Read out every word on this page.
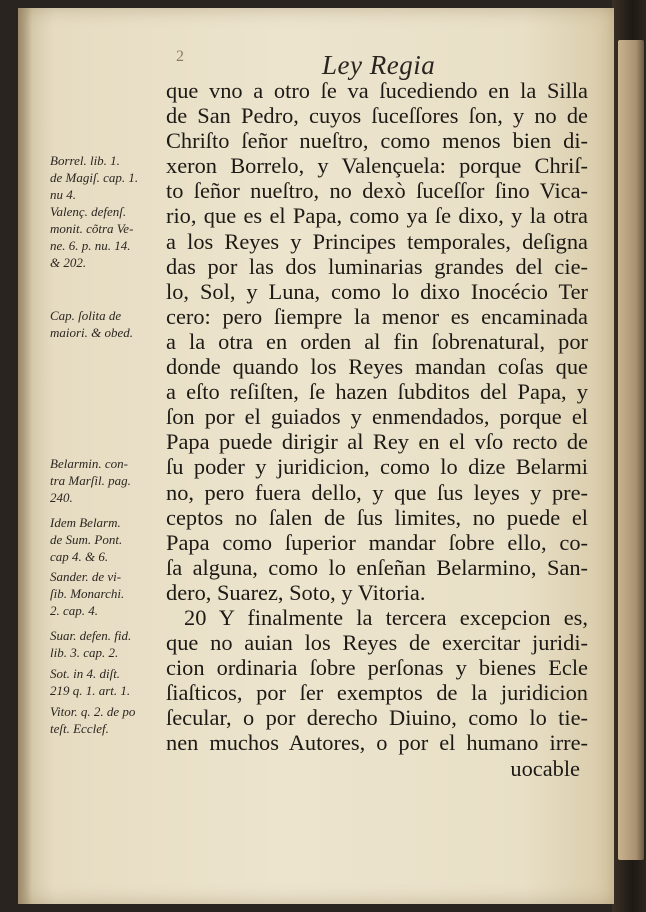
2	Ley Regia
que vno a otro ſe va ſucediendo en la Silla
de San Pedro, cuyos ſuceſſores ſon, y no de
Chriſto ſeñor nueſtro, como menos bien di-
xeron Borrelo, y Valençuela: porque Chriſ-
to ſeñor nueſtro, no dexò ſuceſſor ſino Vica-
rio, que es el Papa, como ya ſe dixo, y la otra
a los Reyes y Principes temporales, deſigna
das por las dos luminarias grandes del cie-
lo, Sol, y Luna, como lo dixo Inocécio Ter
cero: pero ſiempre la menor es encaminada
a la otra en orden al fin ſobrenatural, por
donde quando los Reyes mandan coſas que
a eſto reſiſten, ſe hazen ſubditos del Papa, y
ſon por el guiados y enmendados, porque el
Papa puede dirigir al Rey en el vſo recto de
ſu poder y juridicion, como lo dize Belarmi
no, pero fuera dello, y que ſus leyes y pre-
ceptos no ſalen de ſus limites, no puede el
Papa como ſuperior mandar ſobre ello, co-
ſa alguna, como lo enſeñan Belarmino, San-
dero, Suarez, Soto, y Vitoria.
20 Y finalmente la tercera excepcion es,
que no auian los Reyes de exercitar juridi-
cion ordinaria ſobre perſonas y bienes Ecle
ſiaſticos, por ſer exemptos de la juridicion
ſecular, o por derecho Diuino, como lo tie-
nen muchos Autores, o por el humano irre-
uocable
Borrel. lib. 1.
de Magiſ. cap. 1.
nu 4.
Valenç. defenſ.
monit. cõtra Ve-
ne. 6. p. nu. 14.
& 202.
Cap. ſolita de
maiori. & obed.
Belarmin. con-
tra Marſil. pag.
240.
Idem Belarm.
de Sum. Pont.
cap 4. & 6.
Sander. de vi-
ſib. Monarchi.
2. cap. 4.
Suar. defen. fid.
lib. 3. cap. 2.
Sot. in 4. diſt.
219 q. 1. art. 1.
Vitor. q. 2. de po
teſt. Ecclef.
